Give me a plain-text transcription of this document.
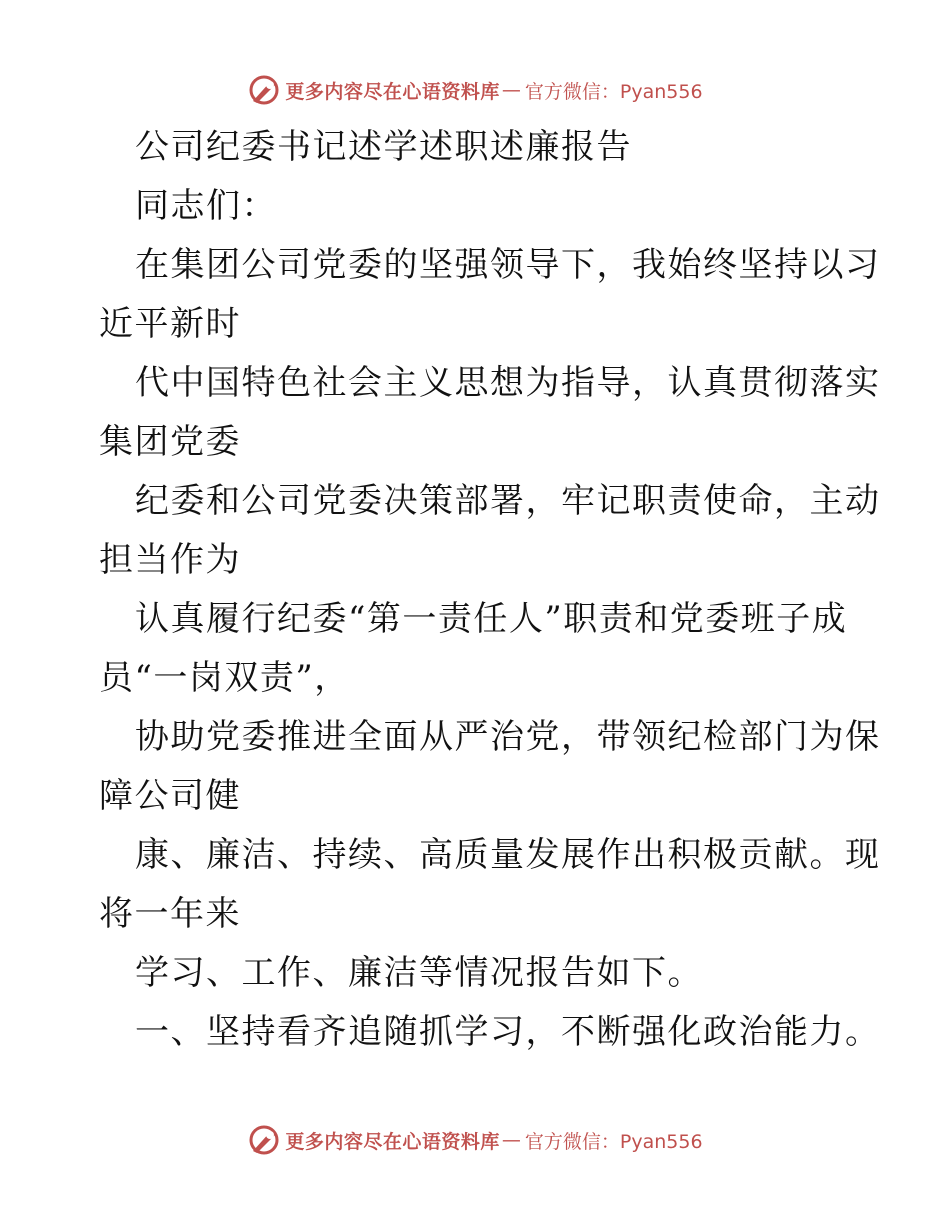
更多内容尽在心语资料库 — 官方微信：Pyan556

公司纪委书记述学述职述廉报告

同志们：

在集团公司党委的坚强领导下，我始终坚持以习

近平新时

代中国特色社会主义思想为指导，认真贯彻落实

集团党委

纪委和公司党委决策部署，牢记职责使命，主动

担当作为

认真履行纪委“第一责任人”职责和党委班子成

员“一岗双责”，

协助党委推进全面从严治党，带领纪检部门为保

障公司健

康、廉洁、持续、高质量发展作出积极贡献。现

将一年来

学习、工作、廉洁等情况报告如下。

一、坚持看齐追随抓学习，不断强化政治能力。

更多内容尽在心语资料库 — 官方微信：Pyan556
